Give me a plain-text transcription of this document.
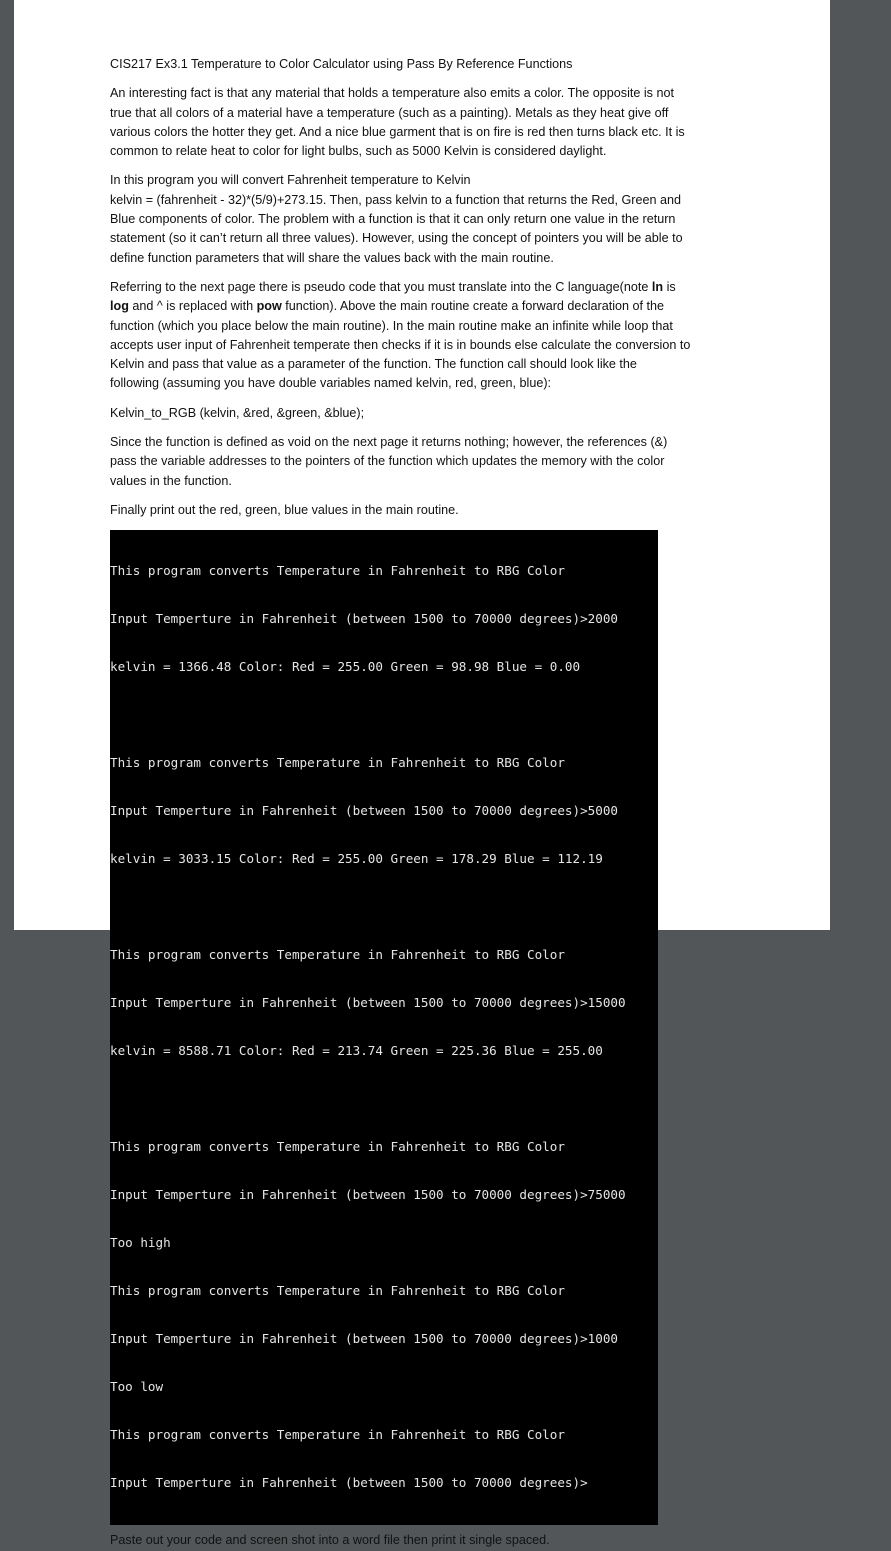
CIS217 Ex3.1 Temperature to Color Calculator using Pass By Reference Functions
An interesting fact is that any material that holds a temperature also emits a color. The opposite is not
true that all colors of a material have a temperature (such as a painting). Metals as they heat give off
various colors the hotter they get. And a nice blue garment that is on fire is red then turns black etc. It is
common to relate heat to color for light bulbs, such as 5000 Kelvin is considered daylight.
In this program you will convert Fahrenheit temperature to Kelvin
kelvin = (fahrenheit - 32)*(5/9)+273.15. Then, pass kelvin to a function that returns the Red, Green and
Blue components of color. The problem with a function is that it can only return one value in the return
statement (so it can’t return all three values). However, using the concept of pointers you will be able to
define function parameters that will share the values back with the main routine.
Referring to the next page there is pseudo code that you must translate into the C language(note ln is
log and ^ is replaced with pow function). Above the main routine create a forward declaration of the
function (which you place below the main routine). In the main routine make an infinite while loop that
accepts user input of Fahrenheit temperate then checks if it is in bounds else calculate the conversion to
Kelvin and pass that value as a parameter of the function. The function call should look like the
following (assuming you have double variables named kelvin, red, green, blue):
Kelvin_to_RGB (kelvin, &red, &green, &blue);
Since the function is defined as void on the next page it returns nothing; however, the references (&)
pass the variable addresses to the pointers of the function which updates the memory with the color
values in the function.
Finally print out the red, green, blue values in the main routine.

This program converts Temperature in Fahrenheit to RBG Color

Input Temperture in Fahrenheit (between 1500 to 70000 degrees)>2000

kelvin = 1366.48 Color: Red = 255.00 Green = 98.98 Blue = 0.00

This program converts Temperature in Fahrenheit to RBG Color

Input Temperture in Fahrenheit (between 1500 to 70000 degrees)>5000

kelvin = 3033.15 Color: Red = 255.00 Green = 178.29 Blue = 112.19

This program converts Temperature in Fahrenheit to RBG Color

Input Temperture in Fahrenheit (between 1500 to 70000 degrees)>15000

kelvin = 8588.71 Color: Red = 213.74 Green = 225.36 Blue = 255.00

This program converts Temperature in Fahrenheit to RBG Color

Input Temperture in Fahrenheit (between 1500 to 70000 degrees)>75000

Too high

This program converts Temperature in Fahrenheit to RBG Color

Input Temperture in Fahrenheit (between 1500 to 70000 degrees)>1000

Too low

This program converts Temperature in Fahrenheit to RBG Color

Input Temperture in Fahrenheit (between 1500 to 70000 degrees)>

Paste out your code and screen shot into a word file then print it single spaced.
